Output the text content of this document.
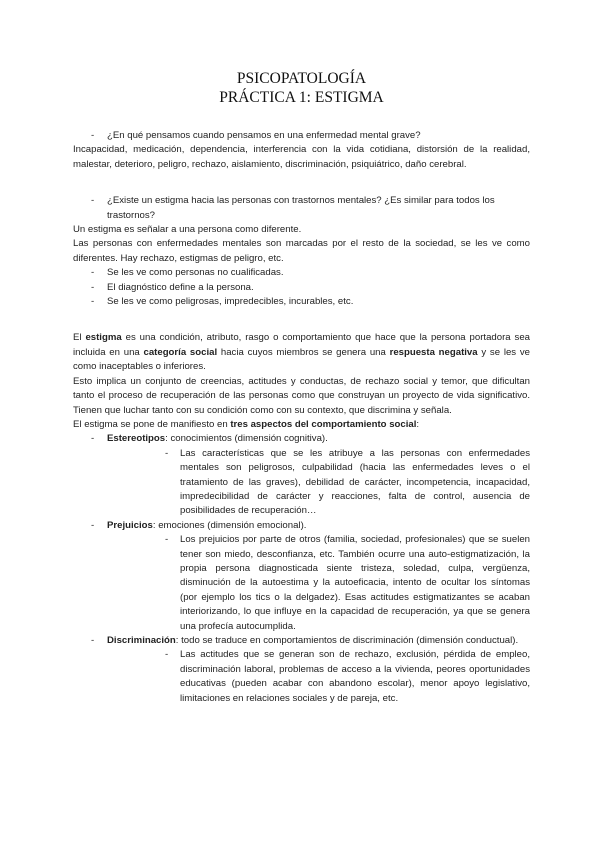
PSICOPATOLOGÍA
PRÁCTICA 1: ESTIGMA
- ¿En qué pensamos cuando pensamos en una enfermedad mental grave?

Incapacidad, medicación, dependencia, interferencia con la vida cotidiana, distorsión de la realidad, malestar, deterioro, peligro, rechazo, aislamiento, discriminación, psiquiátrico, daño cerebral.

- ¿Existe un estigma hacia las personas con trastornos mentales? ¿Es similar para todos los trastornos?

Un estigma es señalar a una persona como diferente.

Las personas con enfermedades mentales son marcadas por el resto de la sociedad, se les ve como diferentes. Hay rechazo, estigmas de peligro, etc.

- Se les ve como personas no cualificadas.
- El diagnóstico define a la persona.
- Se les ve como peligrosas, impredecibles, incurables, etc.

El estigma es una condición, atributo, rasgo o comportamiento que hace que la persona portadora sea incluida en una categoría social hacia cuyos miembros se genera una respuesta negativa y se les ve como inaceptables o inferiores.

Esto implica un conjunto de creencias, actitudes y conductas, de rechazo social y temor, que dificultan tanto el proceso de recuperación de las personas como que construyan un proyecto de vida significativo. Tienen que luchar tanto con su condición como con su contexto, que discrimina y señala.

El estigma se pone de manifiesto en tres aspectos del comportamiento social:

- Estereotipos: conocimientos (dimensión cognitiva).
- Las características que se les atribuye a las personas con enfermedades mentales son peligrosos, culpabilidad (hacia las enfermedades leves o el tratamiento de las graves), debilidad de carácter, incompetencia, incapacidad, impredecibilidad de carácter y reacciones, falta de control, ausencia de posibilidades de recuperación…
- Prejuicios: emociones (dimensión emocional).
- Los prejuicios por parte de otros (familia, sociedad, profesionales) que se suelen tener son miedo, desconfianza, etc. También ocurre una auto-estigmatización, la propia persona diagnosticada siente tristeza, soledad, culpa, vergüenza, disminución de la autoestima y la autoeficacia, intento de ocultar los síntomas (por ejemplo los tics o la delgadez). Esas actitudes estigmatizantes se acaban interiorizando, lo que influye en la capacidad de recuperación, ya que se genera una profecía autocumplida.
- Discriminación: todo se traduce en comportamientos de discriminación (dimensión conductual).
- Las actitudes que se generan son de rechazo, exclusión, pérdida de empleo, discriminación laboral, problemas de acceso a la vivienda, peores oportunidades educativas (pueden acabar con abandono escolar), menor apoyo legislativo, limitaciones en relaciones sociales y de pareja, etc.
